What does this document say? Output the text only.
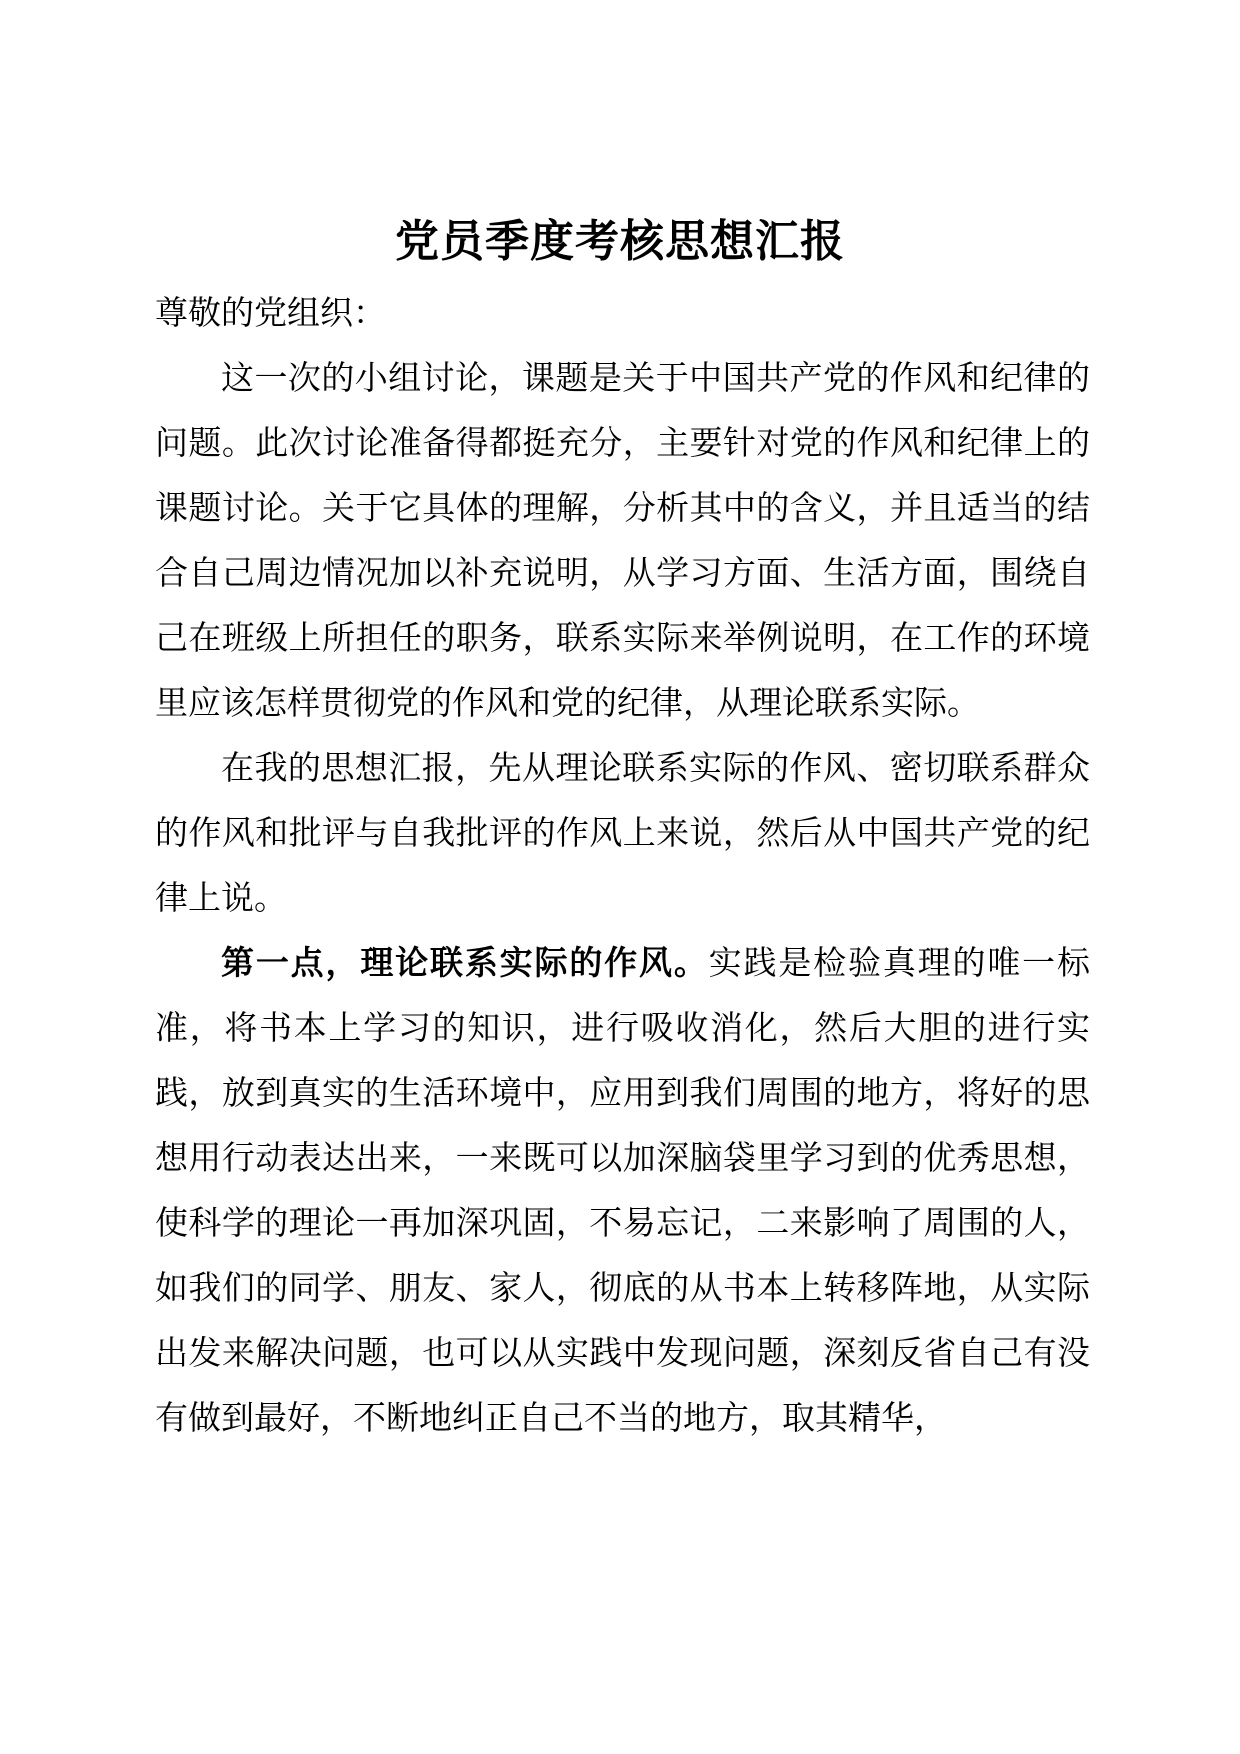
党员季度考核思想汇报

尊敬的党组织：

这一次的小组讨论，课题是关于中国共产党的作风和纪律的问题。此次讨论准备得都挺充分，主要针对党的作风和纪律上的课题讨论。关于它具体的理解，分析其中的含义，并且适当的结合自己周边情况加以补充说明，从学习方面、生活方面，围绕自己在班级上所担任的职务，联系实际来举例说明，在工作的环境里应该怎样贯彻党的作风和党的纪律，从理论联系实际。

在我的思想汇报，先从理论联系实际的作风、密切联系群众的作风和批评与自我批评的作风上来说，然后从中国共产党的纪律上说。

第一点，理论联系实际的作风。实践是检验真理的唯一标准，将书本上学习的知识，进行吸收消化，然后大胆的进行实践，放到真实的生活环境中，应用到我们周围的地方，将好的思想用行动表达出来，一来既可以加深脑袋里学习到的优秀思想，使科学的理论一再加深巩固，不易忘记，二来影响了周围的人，如我们的同学、朋友、家人，彻底的从书本上转移阵地，从实际出发来解决问题，也可以从实践中发现问题，深刻反省自己有没有做到最好，不断地纠正自己不当的地方，取其精华，
